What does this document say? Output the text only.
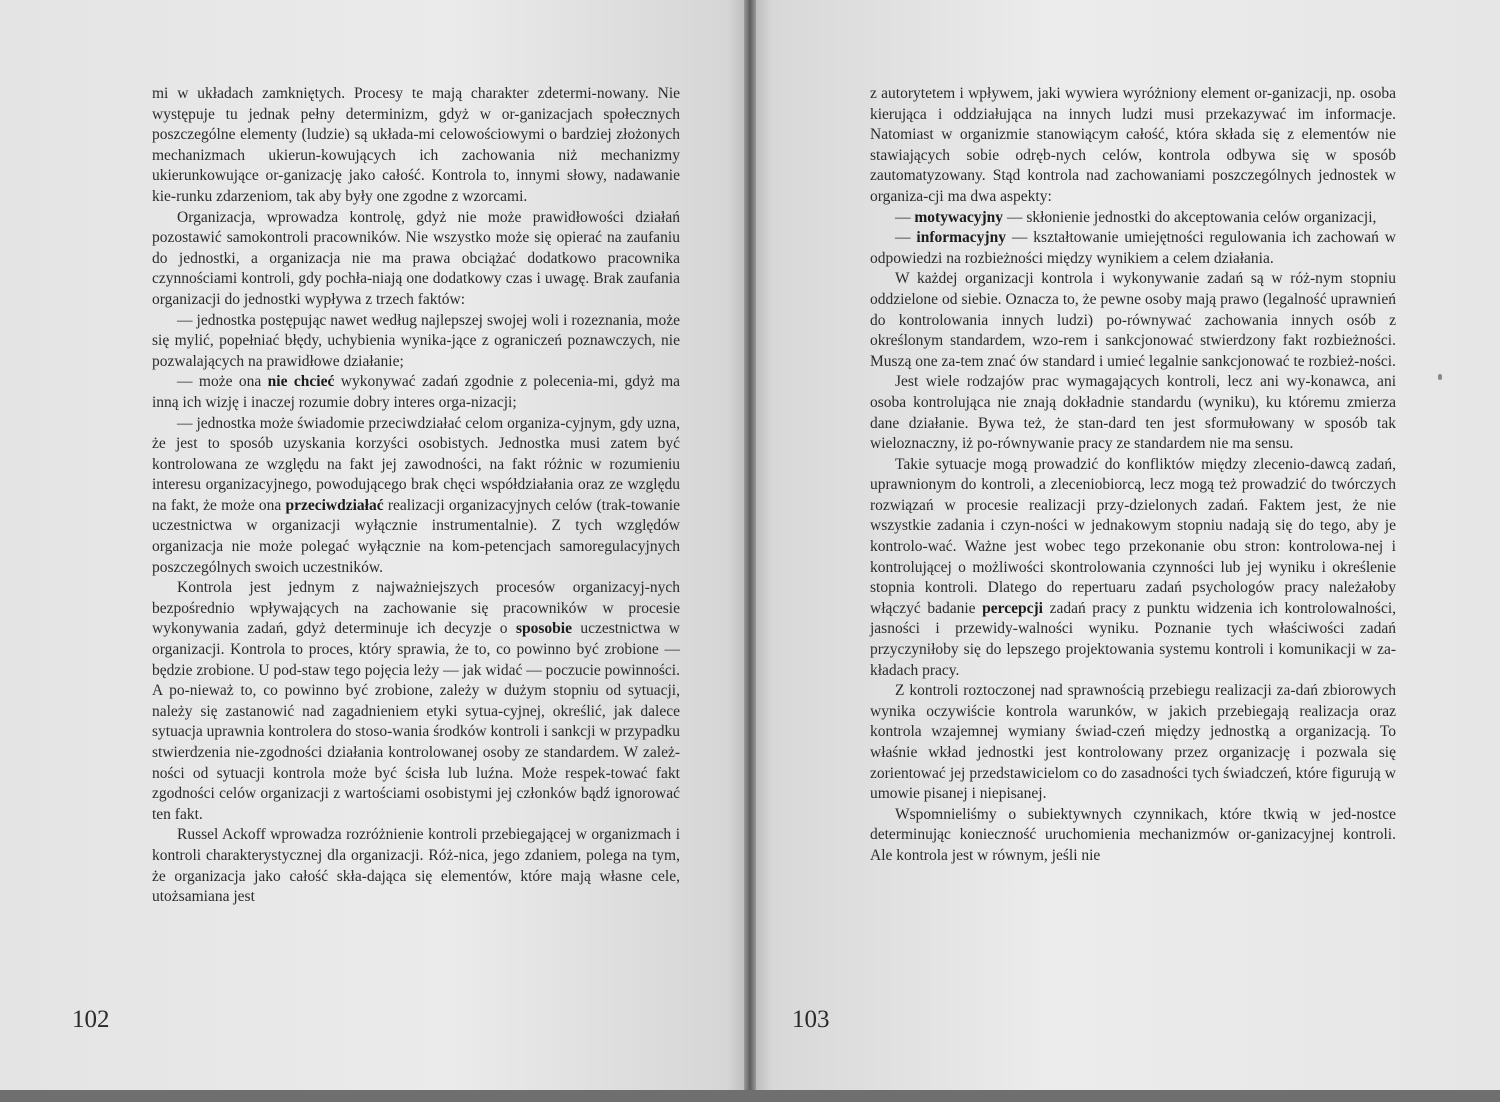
mi w układach zamkniętych. Procesy te mają charakter zdetermi-nowany. Nie występuje tu jednak pełny determinizm, gdyż w or-ganizacjach społecznych poszczególne elementy (ludzie) są układa-mi celowościowymi o bardziej złożonych mechanizmach ukierun-kowujących ich zachowania niż mechanizmy ukierunkowujące or-ganizację jako całość. Kontrola to, innymi słowy, nadawanie kie-runku zdarzeniom, tak aby były one zgodne z wzorcami.

Organizacja, wprowadza kontrolę, gdyż nie może prawidłowości działań pozostawić samokontroli pracowników. Nie wszystko może się opierać na zaufaniu do jednostki, a organizacja nie ma prawa obciążać dodatkowo pracownika czynnościami kontroli, gdy pochła-niają one dodatkowy czas i uwagę. Brak zaufania organizacji do jednostki wypływa z trzech faktów:

— jednostka postępując nawet według najlepszej swojej woli i rozeznania, może się mylić, popełniać błędy, uchybienia wynika-jące z ograniczeń poznawczych, nie pozwalających na prawidłowe działanie;

— może ona nie chcieć wykonywać zadań zgodnie z polecenia-mi, gdyż ma inną ich wizję i inaczej rozumie dobry interes orga-nizacji;

— jednostka może świadomie przeciwdziałać celom organiza-cyjnym, gdy uzna, że jest to sposób uzyskania korzyści osobistych. Jednostka musi zatem być kontrolowana ze względu na fakt jej zawodności, na fakt różnic w rozumieniu interesu organizacyjnego, powodującego brak chęci współdziałania oraz ze względu na fakt, że może ona przeciwdziałać realizacji organizacyjnych celów (trak-towanie uczestnictwa w organizacji wyłącznie instrumentalnie). Z tych względów organizacja nie może polegać wyłącznie na kom-petencjach samoregulacyjnych poszczególnych swoich uczestników.

Kontrola jest jednym z najważniejszych procesów organizacyj-nych bezpośrednio wpływających na zachowanie się pracowników w procesie wykonywania zadań, gdyż determinuje ich decyzje o sposobie uczestnictwa w organizacji. Kontrola to proces, który sprawia, że to, co powinno być zrobione — będzie zrobione. U pod-staw tego pojęcia leży — jak widać — poczucie powinności. A po-nieważ to, co powinno być zrobione, zależy w dużym stopniu od sytuacji, należy się zastanowić nad zagadnieniem etyki sytua-cyjnej, określić, jak dalece sytuacja uprawnia kontrolera do stoso-wania środków kontroli i sankcji w przypadku stwierdzenia nie-zgodności działania kontrolowanej osoby ze standardem. W zależ-ności od sytuacji kontrola może być ścisła lub luźna. Może respek-tować fakt zgodności celów organizacji z wartościami osobistymi jej członków bądź ignorować ten fakt.

Russel Ackoff wprowadza rozróżnienie kontroli przebiegającej w organizmach i kontroli charakterystycznej dla organizacji. Róż-nica, jego zdaniem, polega na tym, że organizacja jako całość skła-dająca się elementów, które mają własne cele, utożsamiana jest

102

z autorytetem i wpływem, jaki wywiera wyróżniony element or-ganizacji, np. osoba kierująca i oddziałująca na innych ludzi musi przekazywać im informacje. Natomiast w organizmie stanowiącym całość, która składa się z elementów nie stawiających sobie odręb-nych celów, kontrola odbywa się w sposób zautomatyzowany. Stąd kontrola nad zachowaniami poszczególnych jednostek w organiza-cji ma dwa aspekty:

— motywacyjny — skłonienie jednostki do akceptowania celów organizacji,

— informacyjny — kształtowanie umiejętności regulowania ich zachowań w odpowiedzi na rozbieżności między wynikiem a celem działania.

W każdej organizacji kontrola i wykonywanie zadań są w róż-nym stopniu oddzielone od siebie. Oznacza to, że pewne osoby mają prawo (legalność uprawnień do kontrolowania innych ludzi) po-równywać zachowania innych osób z określonym standardem, wzo-rem i sankcjonować stwierdzony fakt rozbieżności. Muszą one za-tem znać ów standard i umieć legalnie sankcjonować te rozbież-ności.

Jest wiele rodzajów prac wymagających kontroli, lecz ani wy-konawca, ani osoba kontrolująca nie znają dokładnie standardu (wyniku), ku któremu zmierza dane działanie. Bywa też, że stan-dard ten jest sformułowany w sposób tak wieloznaczny, iż po-równywanie pracy ze standardem nie ma sensu.

Takie sytuacje mogą prowadzić do konfliktów między zlecenio-dawcą zadań, uprawnionym do kontroli, a zleceniobiorcą, lecz mogą też prowadzić do twórczych rozwiązań w procesie realizacji przy-dzielonych zadań. Faktem jest, że nie wszystkie zadania i czyn-ności w jednakowym stopniu nadają się do tego, aby je kontrolo-wać. Ważne jest wobec tego przekonanie obu stron: kontrolowa-nej i kontrolującej o możliwości skontrolowania czynności lub jej wyniku i określenie stopnia kontroli. Dlatego do repertuaru zadań psychologów pracy należałoby włączyć badanie percepcji zadań pracy z punktu widzenia ich kontrolowalności, jasności i przewidy-walności wyniku. Poznanie tych właściwości zadań przyczyniłoby się do lepszego projektowania systemu kontroli i komunikacji w za-kładach pracy.

Z kontroli roztoczonej nad sprawnością przebiegu realizacji za-dań zbiorowych wynika oczywiście kontrola warunków, w jakich przebiegają realizacja oraz kontrola wzajemnej wymiany świad-czeń między jednostką a organizacją. To właśnie wkład jednostki jest kontrolowany przez organizację i pozwala się zorientować jej przedstawicielom co do zasadności tych świadczeń, które figurują w umowie pisanej i niepisanej.

Wspomnieliśmy o subiektywnych czynnikach, które tkwią w jed-nostce determinując konieczność uruchomienia mechanizmów or-ganizacyjnej kontroli. Ale kontrola jest w równym, jeśli nie

103
